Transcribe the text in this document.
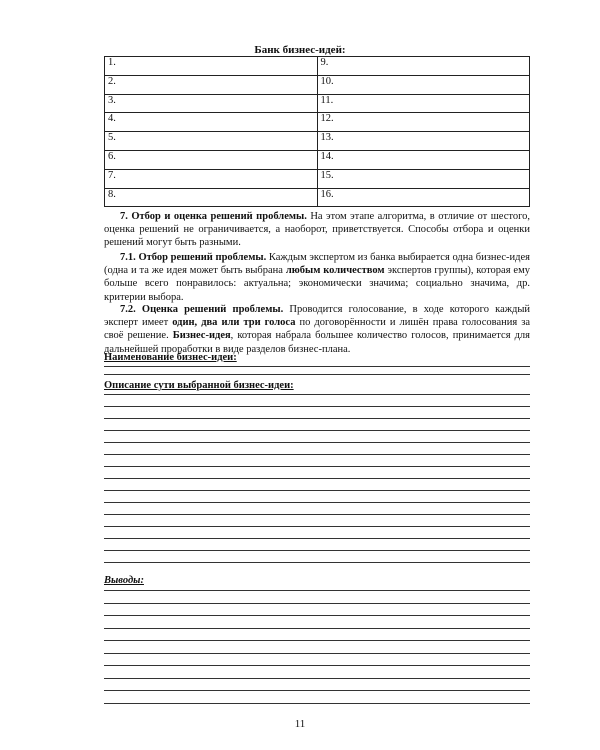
Банк бизнес-идей:
1.	9.
2.	10.
3.	11.
4.	12.
5.	13.
6.	14.
7.	15.
8.	16.

7. Отбор и оценка решений проблемы. На этом этапе алгоритма, в отличие от шестого, оценка решений не ограничивается, а наоборот, приветствуется. Способы отбора и оценки решений могут быть разными.

7.1. Отбор решений проблемы. Каждым экспертом из банка выбирается одна бизнес-идея (одна и та же идея может быть выбрана любым количеством экспертов группы), которая ему больше всего понравилось: актуальна; экономически значима; социально значима, др. критерии выбора.

7.2. Оценка решений проблемы. Проводится голосование, в ходе которого каждый эксперт имеет один, два или три голоса по договорённости и лишён права голосования за своё решение. Бизнес-идея, которая набрала большее количество голосов, принимается для дальнейшей проработки в виде разделов бизнес-плана.

Наименование бизнес-идеи:
Описание сути выбранной бизнес-идеи:
Выводы:
11
